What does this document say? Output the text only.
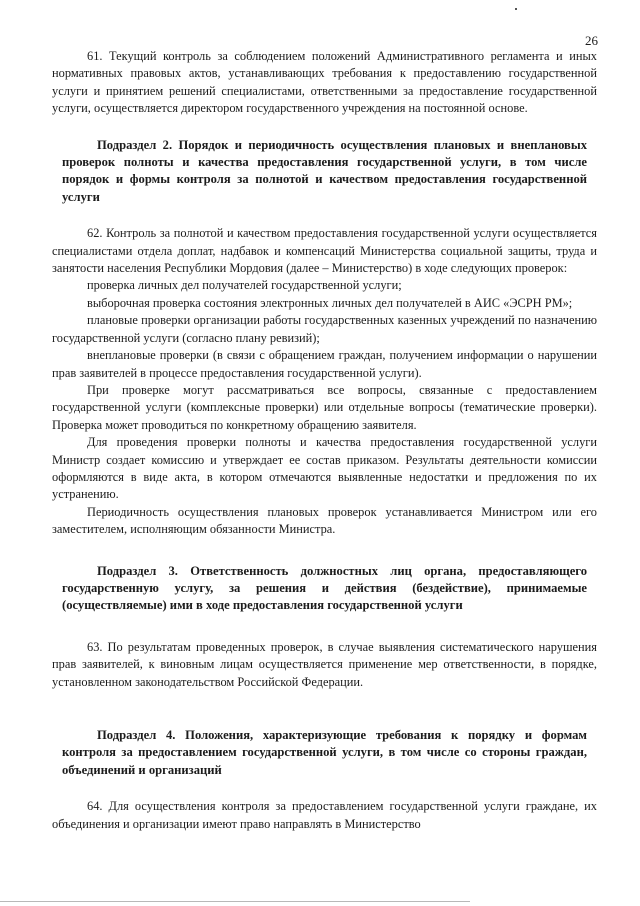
26

61. Текущий контроль за соблюдением положений Административного регламента и иных нормативных правовых актов, устанавливающих требования к предоставлению государственной услуги и принятием решений специалистами, ответственными за предоставление государственной услуги, осуществляется директором государственного учреждения на постоянной основе.

Подраздел 2. Порядок и периодичность осуществления плановых и внеплановых проверок полноты и качества предоставления государственной услуги, в том числе порядок и формы контроля за полнотой и качеством предоставления государственной услуги

62. Контроль за полнотой и качеством предоставления государственной услуги осуществляется специалистами отдела доплат, надбавок и компенсаций Министерства социальной защиты, труда и занятости населения Республики Мордовия (далее – Министерство) в ходе следующих проверок:

проверка личных дел получателей государственной услуги;

выборочная проверка состояния электронных личных дел получателей в АИС «ЭСРН РМ»;

плановые проверки организации работы государственных казенных учреждений по назначению государственной услуги (согласно плану ревизий);

внеплановые проверки (в связи с обращением граждан, получением информации о нарушении прав заявителей в процессе предоставления государственной услуги).

При проверке могут рассматриваться все вопросы, связанные с предоставлением государственной услуги (комплексные проверки) или отдельные вопросы (тематические проверки). Проверка может проводиться по конкретному обращению заявителя.

Для проведения проверки полноты и качества предоставления государственной услуги Министр создает комиссию и утверждает ее состав приказом. Результаты деятельности комиссии оформляются в виде акта, в котором отмечаются выявленные недостатки и предложения по их устранению.

Периодичность осуществления плановых проверок устанавливается Министром или его заместителем, исполняющим обязанности Министра.

Подраздел 3. Ответственность должностных лиц органа, предоставляющего государственную услугу, за решения и действия (бездействие), принимаемые (осуществляемые) ими в ходе предоставления государственной услуги

63. По результатам проведенных проверок, в случае выявления систематического нарушения прав заявителей, к виновным лицам осуществляется применение мер ответственности, в порядке, установленном законодательством Российской Федерации.

Подраздел 4. Положения, характеризующие требования к порядку и формам контроля за предоставлением государственной услуги, в том числе со стороны граждан, объединений и организаций

64. Для осуществления контроля за предоставлением государственной услуги граждане, их объединения и организации имеют право направлять в Министерство
